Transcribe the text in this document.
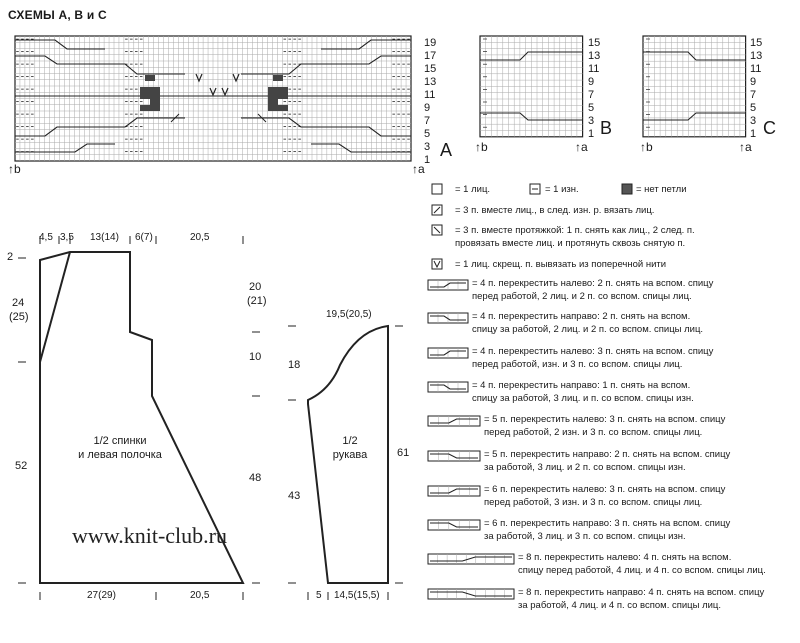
СХЕМЫ А, В и С
19
17
15
13
11
9
7
5
3
1 A
↑b	↑a
15
13
11
9
7
5
3
1 B
↑b	↑a
15
13
11
9
7
5
3
1 C
↑b	↑a
4,5 3,5 13(14) 6(7)	20,5
2
24
(25)
52
20
(21)
10
48
27(29)	20,5
1/2 спинки
и левая полочка
19,5(20,5)
18
43
61
5 14,5(15,5)
1/2
рукава
www.knit-club.ru
= 1 лиц.	= 1 изн.	= нет петли
= 3 п. вместе лиц., в след. изн. р. вязать лиц.
= 3 п. вместе протяжкой: 1 п. снять как лиц., 2 след. п.
провязать вместе лиц. и протянуть сквозь снятую п.
= 1 лиц. скрещ. п. вывязать из поперечной нити
= 4 п. перекрестить налево: 2 п. снять на вспом. спицу
перед работой, 2 лиц. и 2 п. со вспом. спицы лиц.
= 4 п. перекрестить направо: 2 п. снять на вспом.
спицу за работой, 2 лиц. и 2 п. со вспом. спицы лиц.
= 4 п. перекрестить налево: 3 п. снять на вспом. спицу
перед работой, изн. и 3 п. со вспом. спицы лиц.
= 4 п. перекрестить направо: 1 п. снять на вспом.
спицу за работой, 3 лиц. и п. со вспом. спицы изн.
= 5 п. перекрестить налево: 3 п. снять на вспом. спицу
перед работой, 2 изн. и 3 п. со вспом. спицы лиц.
= 5 п. перекрестить направо: 2 п. снять на вспом. спицу
за работой, 3 лиц. и 2 п. со вспом. спицы изн.
= 6 п. перекрестить налево: 3 п. снять на вспом. спицу
перед работой, 3 изн. и 3 п. со вспом. спицы лиц.
= 6 п. перекрестить направо: 3 п. снять на вспом. спицу
за работой, 3 лиц. и 3 п. со вспом. спицы изн.
= 8 п. перекрестить налево: 4 п. снять на вспом.
спицу перед работой, 4 лиц. и 4 п. со вспом. спицы лиц.
= 8 п. перекрестить направо: 4 п. снять на вспом. спицу
за работой, 4 лиц. и 4 п. со вспом. спицы лиц.
